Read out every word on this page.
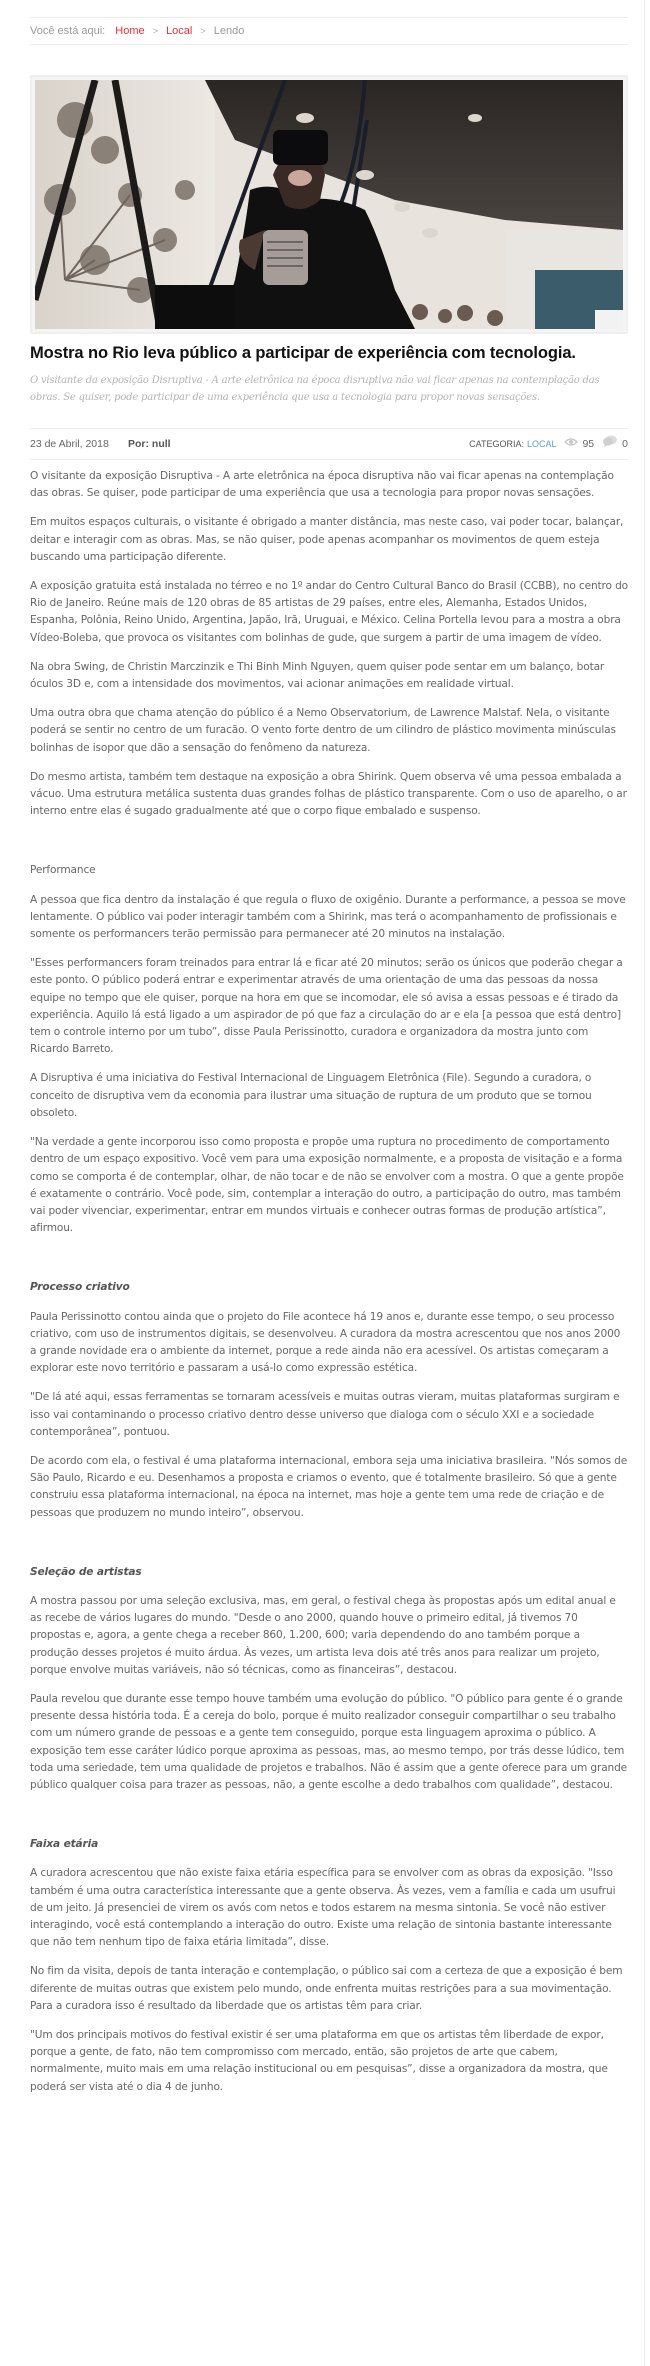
Você está aqui: Home > Local > Lendo
Mostra no Rio leva público a participar de experiência com tecnologia.

O visitante da exposição Disruptiva - A arte eletrônica na época disruptiva não vai ficar apenas na contemplação das obras. Se quiser, pode participar de uma experiência que usa a tecnologia para propor novas sensações.

23 de Abril, 2018 Por: null	CATEGORIA: LOCAL 95	0

O visitante da exposição Disruptiva - A arte eletrônica na época disruptiva não vai ficar apenas na contemplação das obras. Se quiser, pode participar de uma experiência que usa a tecnologia para propor novas sensações.

Em muitos espaços culturais, o visitante é obrigado a manter distância, mas neste caso, vai poder tocar, balançar, deitar e interagir com as obras. Mas, se não quiser, pode apenas acompanhar os movimentos de quem esteja buscando uma participação diferente.

A exposição gratuita está instalada no térreo e no 1º andar do Centro Cultural Banco do Brasil (CCBB), no centro do Rio de Janeiro. Reúne mais de 120 obras de 85 artistas de 29 países, entre eles, Alemanha, Estados Unidos, Espanha, Polônia, Reino Unido, Argentina, Japão, Irã, Uruguai, e México. Celina Portella levou para a mostra a obra Vídeo-Boleba, que provoca os visitantes com bolinhas de gude, que surgem a partir de uma imagem de vídeo.

Na obra Swing, de Christin Marczinzik e Thi Binh Minh Nguyen, quem quiser pode sentar em um balanço, botar óculos 3D e, com a intensidade dos movimentos, vai acionar animações em realidade virtual.

Uma outra obra que chama atenção do público é a Nemo Observatorium, de Lawrence Malstaf. Nela, o visitante poderá se sentir no centro de um furacão. O vento forte dentro de um cilindro de plástico movimenta minúsculas bolinhas de isopor que dão a sensação do fenômeno da natureza.

Do mesmo artista, também tem destaque na exposição a obra Shirink. Quem observa vê uma pessoa embalada a vácuo. Uma estrutura metálica sustenta duas grandes folhas de plástico transparente. Com o uso de aparelho, o ar interno entre elas é sugado gradualmente até que o corpo fique embalado e suspenso.

Performance

A pessoa que fica dentro da instalação é que regula o fluxo de oxigênio. Durante a performance, a pessoa se move lentamente. O público vai poder interagir também com a Shirink, mas terá o acompanhamento de profissionais e somente os performancers terão permissão para permanecer até 20 minutos na instalação.

"Esses performancers foram treinados para entrar lá e ficar até 20 minutos; serão os únicos que poderão chegar a este ponto. O público poderá entrar e experimentar através de uma orientação de uma das pessoas da nossa equipe no tempo que ele quiser, porque na hora em que se incomodar, ele só avisa a essas pessoas e é tirado da experiência. Aquilo lá está ligado a um aspirador de pó que faz a circulação do ar e ela [a pessoa que está dentro] tem o controle interno por um tubo”, disse Paula Perissinotto, curadora e organizadora da mostra junto com Ricardo Barreto.

A Disruptiva é uma iniciativa do Festival Internacional de Linguagem Eletrônica (File). Segundo a curadora, o conceito de disruptiva vem da economia para ilustrar uma situação de ruptura de um produto que se tornou obsoleto.

"Na verdade a gente incorporou isso como proposta e propõe uma ruptura no procedimento de comportamento dentro de um espaço expositivo. Você vem para uma exposição normalmente, e a proposta de visitação e a forma como se comporta é de contemplar, olhar, de não tocar e de não se envolver com a mostra. O que a gente propõe é exatamente o contrário. Você pode, sim, contemplar a interação do outro, a participação do outro, mas também vai poder vivenciar, experimentar, entrar em mundos virtuais e conhecer outras formas de produção artística”, afirmou.

Processo criativo

Paula Perissinotto contou ainda que o projeto do File acontece há 19 anos e, durante esse tempo, o seu processo criativo, com uso de instrumentos digitais, se desenvolveu. A curadora da mostra acrescentou que nos anos 2000 a grande novidade era o ambiente da internet, porque a rede ainda não era acessível. Os artistas começaram a explorar este novo território e passaram a usá-lo como expressão estética.

"De lá até aqui, essas ferramentas se tornaram acessíveis e muitas outras vieram, muitas plataformas surgiram e isso vai contaminando o processo criativo dentro desse universo que dialoga com o século XXI e a sociedade contemporânea”, pontuou.

De acordo com ela, o festival é uma plataforma internacional, embora seja uma iniciativa brasileira. "Nós somos de São Paulo, Ricardo e eu. Desenhamos a proposta e criamos o evento, que é totalmente brasileiro. Só que a gente construiu essa plataforma internacional, na época na internet, mas hoje a gente tem uma rede de criação e de pessoas que produzem no mundo inteiro”, observou.

Seleção de artistas

A mostra passou por uma seleção exclusiva, mas, em geral, o festival chega às propostas após um edital anual e as recebe de vários lugares do mundo. "Desde o ano 2000, quando houve o primeiro edital, já tivemos 70 propostas e, agora, a gente chega a receber 860, 1.200, 600; varia dependendo do ano também porque a produção desses projetos é muito árdua. Às vezes, um artista leva dois até três anos para realizar um projeto, porque envolve muitas variáveis, não só técnicas, como as financeiras”, destacou.

Paula revelou que durante esse tempo houve também uma evolução do público. "O público para gente é o grande presente dessa história toda. É a cereja do bolo, porque é muito realizador conseguir compartilhar o seu trabalho com um número grande de pessoas e a gente tem conseguido, porque esta linguagem aproxima o público. A exposição tem esse caráter lúdico porque aproxima as pessoas, mas, ao mesmo tempo, por trás desse lúdico, tem toda uma seriedade, tem uma qualidade de projetos e trabalhos. Não é assim que a gente oferece para um grande público qualquer coisa para trazer as pessoas, não, a gente escolhe a dedo trabalhos com qualidade”, destacou.

Faixa etária

A curadora acrescentou que não existe faixa etária específica para se envolver com as obras da exposição. "Isso também é uma outra característica interessante que a gente observa. Às vezes, vem a família e cada um usufrui de um jeito. Já presenciei de virem os avós com netos e todos estarem na mesma sintonia. Se você não estiver interagindo, você está contemplando a interação do outro. Existe uma relação de sintonia bastante interessante que não tem nenhum tipo de faixa etária limitada”, disse.

No fim da visita, depois de tanta interação e contemplação, o público sai com a certeza de que a exposição é bem diferente de muitas outras que existem pelo mundo, onde enfrenta muitas restrições para a sua movimentação. Para a curadora isso é resultado da liberdade que os artistas têm para criar.

"Um dos principais motivos do festival existir é ser uma plataforma em que os artistas têm liberdade de expor, porque a gente, de fato, não tem compromisso com mercado, então, são projetos de arte que cabem, normalmente, muito mais em uma relação institucional ou em pesquisas”, disse a organizadora da mostra, que poderá ser vista até o dia 4 de junho.
